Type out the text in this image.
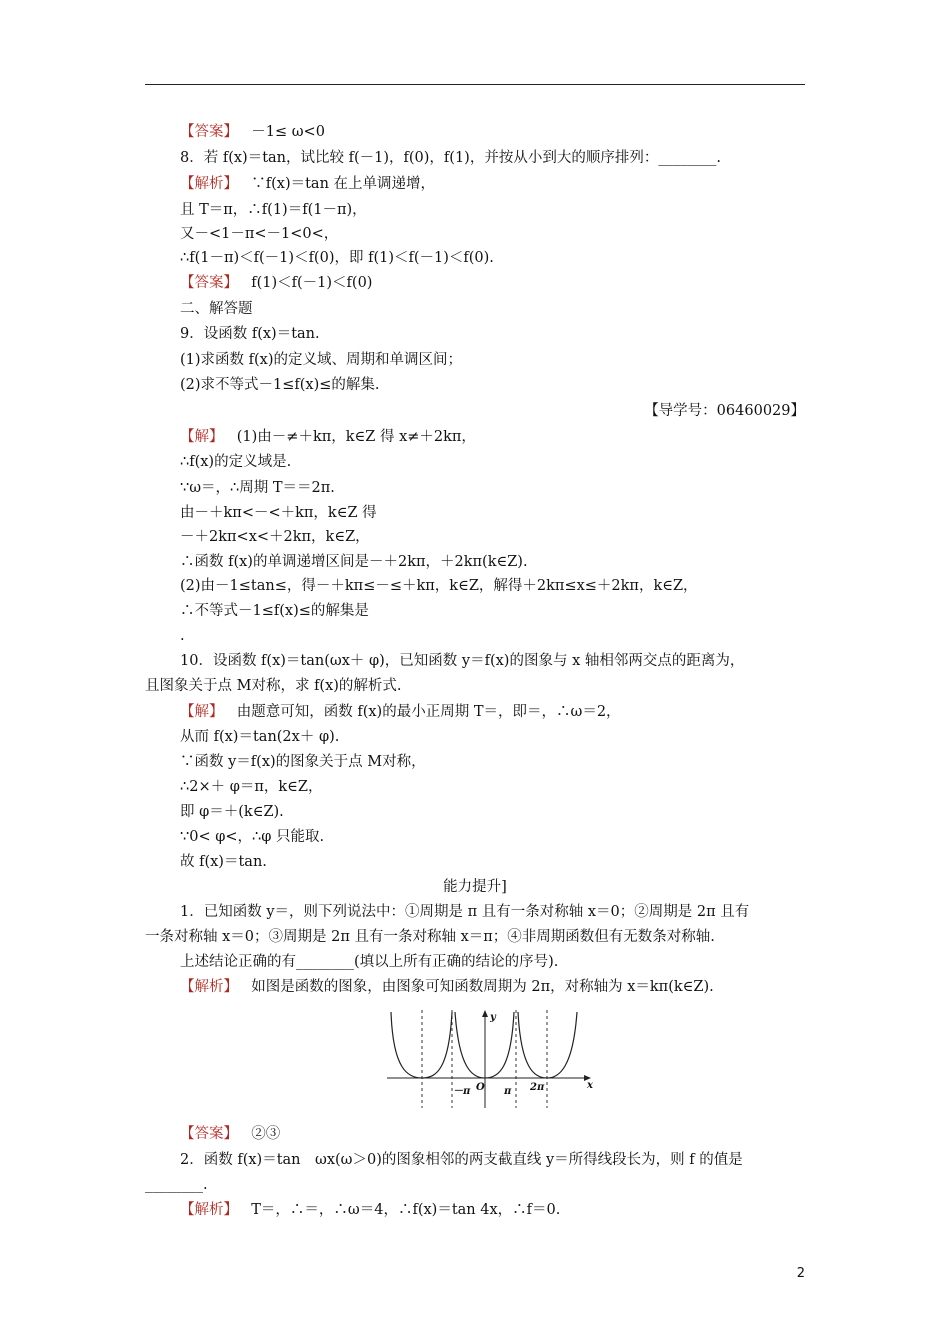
【答案】　－1≤ ω<0
8．若 f(x)＝tan，试比较 f(－1)，f(0)，f(1)，并按从小到大的顺序排列：________.
【解析】　∵f(x)＝tan 在上单调递增，
且 T＝π，∴f(1)＝f(1－π)，
又－<1－π<－1<0<，
∴f(1－π)＜f(－1)＜f(0)，即 f(1)＜f(－1)＜f(0).
【答案】　f(1)＜f(－1)＜f(0)
二、解答题
9．设函数 f(x)＝tan.
(1)求函数 f(x)的定义域、周期和单调区间；
(2)求不等式－1≤f(x)≤的解集.
【导学号：06460029】
【解】　(1)由－≠＋kπ，k∈Z 得 x≠＋2kπ，
∴f(x)的定义域是.
∵ω＝，∴周期 T＝＝2π.
由－＋kπ<－<＋kπ，k∈Z 得
－＋2kπ<x<＋2kπ，k∈Z，
∴函数 f(x)的单调递增区间是－＋2kπ，＋2kπ(k∈Z).
(2)由－1≤tan≤，得－＋kπ≤－≤＋kπ，k∈Z，解得＋2kπ≤x≤＋2kπ，k∈Z，
∴不等式－1≤f(x)≤的解集是
.
10．设函数 f(x)＝tan(ωx＋ φ)，已知函数 y＝f(x)的图象与 x 轴相邻两交点的距离为，
且图象关于点 M对称，求 f(x)的解析式.
【解】　由题意可知，函数 f(x)的最小正周期 T＝，即＝，∴ω＝2，
从而 f(x)＝tan(2x＋ φ).
∵函数 y＝f(x)的图象关于点 M对称，
∴2×＋ φ＝π，k∈Z，
即 φ＝＋(k∈Z).
∵0< φ<，∴φ 只能取.
故 f(x)＝tan.
能力提升]
1．已知函数 y＝，则下列说法中：①周期是 π 且有一条对称轴 x＝0；②周期是 2π 且有
一条对称轴 x＝0；③周期是 2π 且有一条对称轴 x＝π；④非周期函数但有无数条对称轴.
上述结论正确的有________(填以上所有正确的结论的序号).
【解析】　如图是函数的图象，由图象可知函数周期为 2π，对称轴为 x＝kπ(k∈Z).
【答案】　②③
2．函数 f(x)＝tan　ωx(ω＞0)的图象相邻的两支截直线 y＝所得线段长为，则 f 的值是
________.
【解析】　T＝，∴＝，∴ω＝4，∴f(x)＝tan 4x，∴f＝0.
y
x
O
－π	π 2π
2
